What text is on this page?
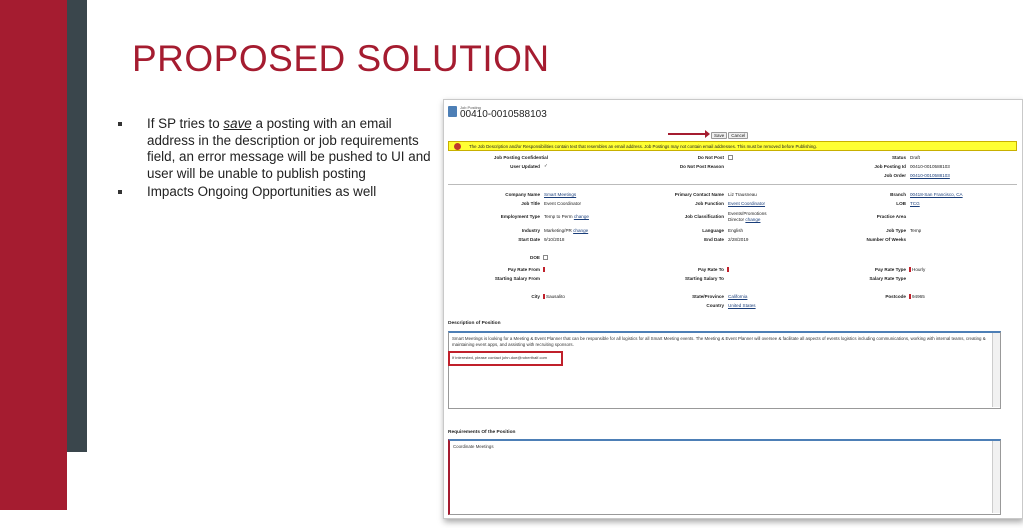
PROPOSED SOLUTION
If SP tries to save a posting with an email address in the description or job requirements field, an error message will be pushed to UI and user will be unable to publish posting
Impacts Ongoing Opportunities as well
Job Posting
00410-0010588103
Save Cancel
The Job Description and/or Responsibilities contain text that resembles an email address. Job Postings may not contain email addresses. This must be removed before Publishing.
Job Posting Confidential
User Updated ✓
Do Not Post
Do Not Post Reason
Status Draft
Job Posting Id 00410-0010588103
Job Order 00410-0010588103
Company Name Smart Meetings
Job Title Event Coordinator
Employment Type Temp to Perm change
Industry Marketing/PR change
Start Date 9/10/2018
Primary Contact Name Liz Trausneau
Job Function Event Coordinator
Job Classification
Events/Promotions
Director change
Language English
End Date 2/28/2019
Branch 00418-San Francisco, CA
LOB TCG
Practice Area
Job Type Temp
Number Of Weeks
DOE
Pay Rate From
Starting Salary From
Pay Rate To
Starting Salary To
Pay Rate Type Hourly
Salary Rate Type
City Sausalito	State/Province California
Country United States
Postcode 94965
Description of Position
Smart Meetings is looking for a Meeting & Event Planner that can be responsible for all logistics for all Smart Meeting events. The Meeting & Event Planner will oversee & facilitate all aspects of events logistics including communications, working with internal teams, creating & maintaining event apps, and assisting with recruiting sponsors.
If interested, please contact john.doe@roberthalf.com
Requirements Of the Position
Coordinate Meetings
